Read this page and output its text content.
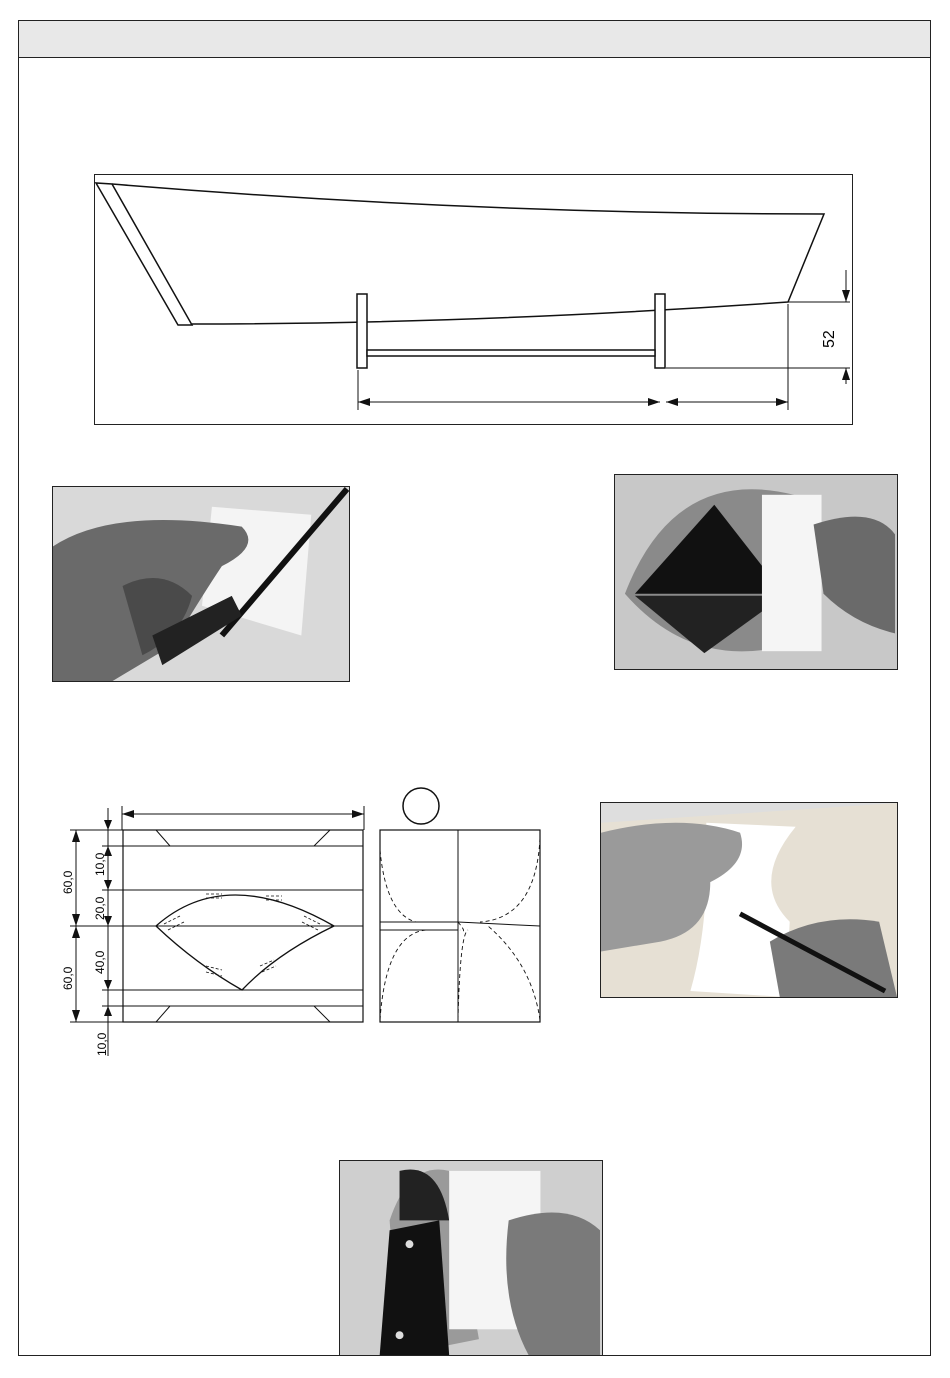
52
60,0
60,0
10,0
10,0
20,0
40,0
